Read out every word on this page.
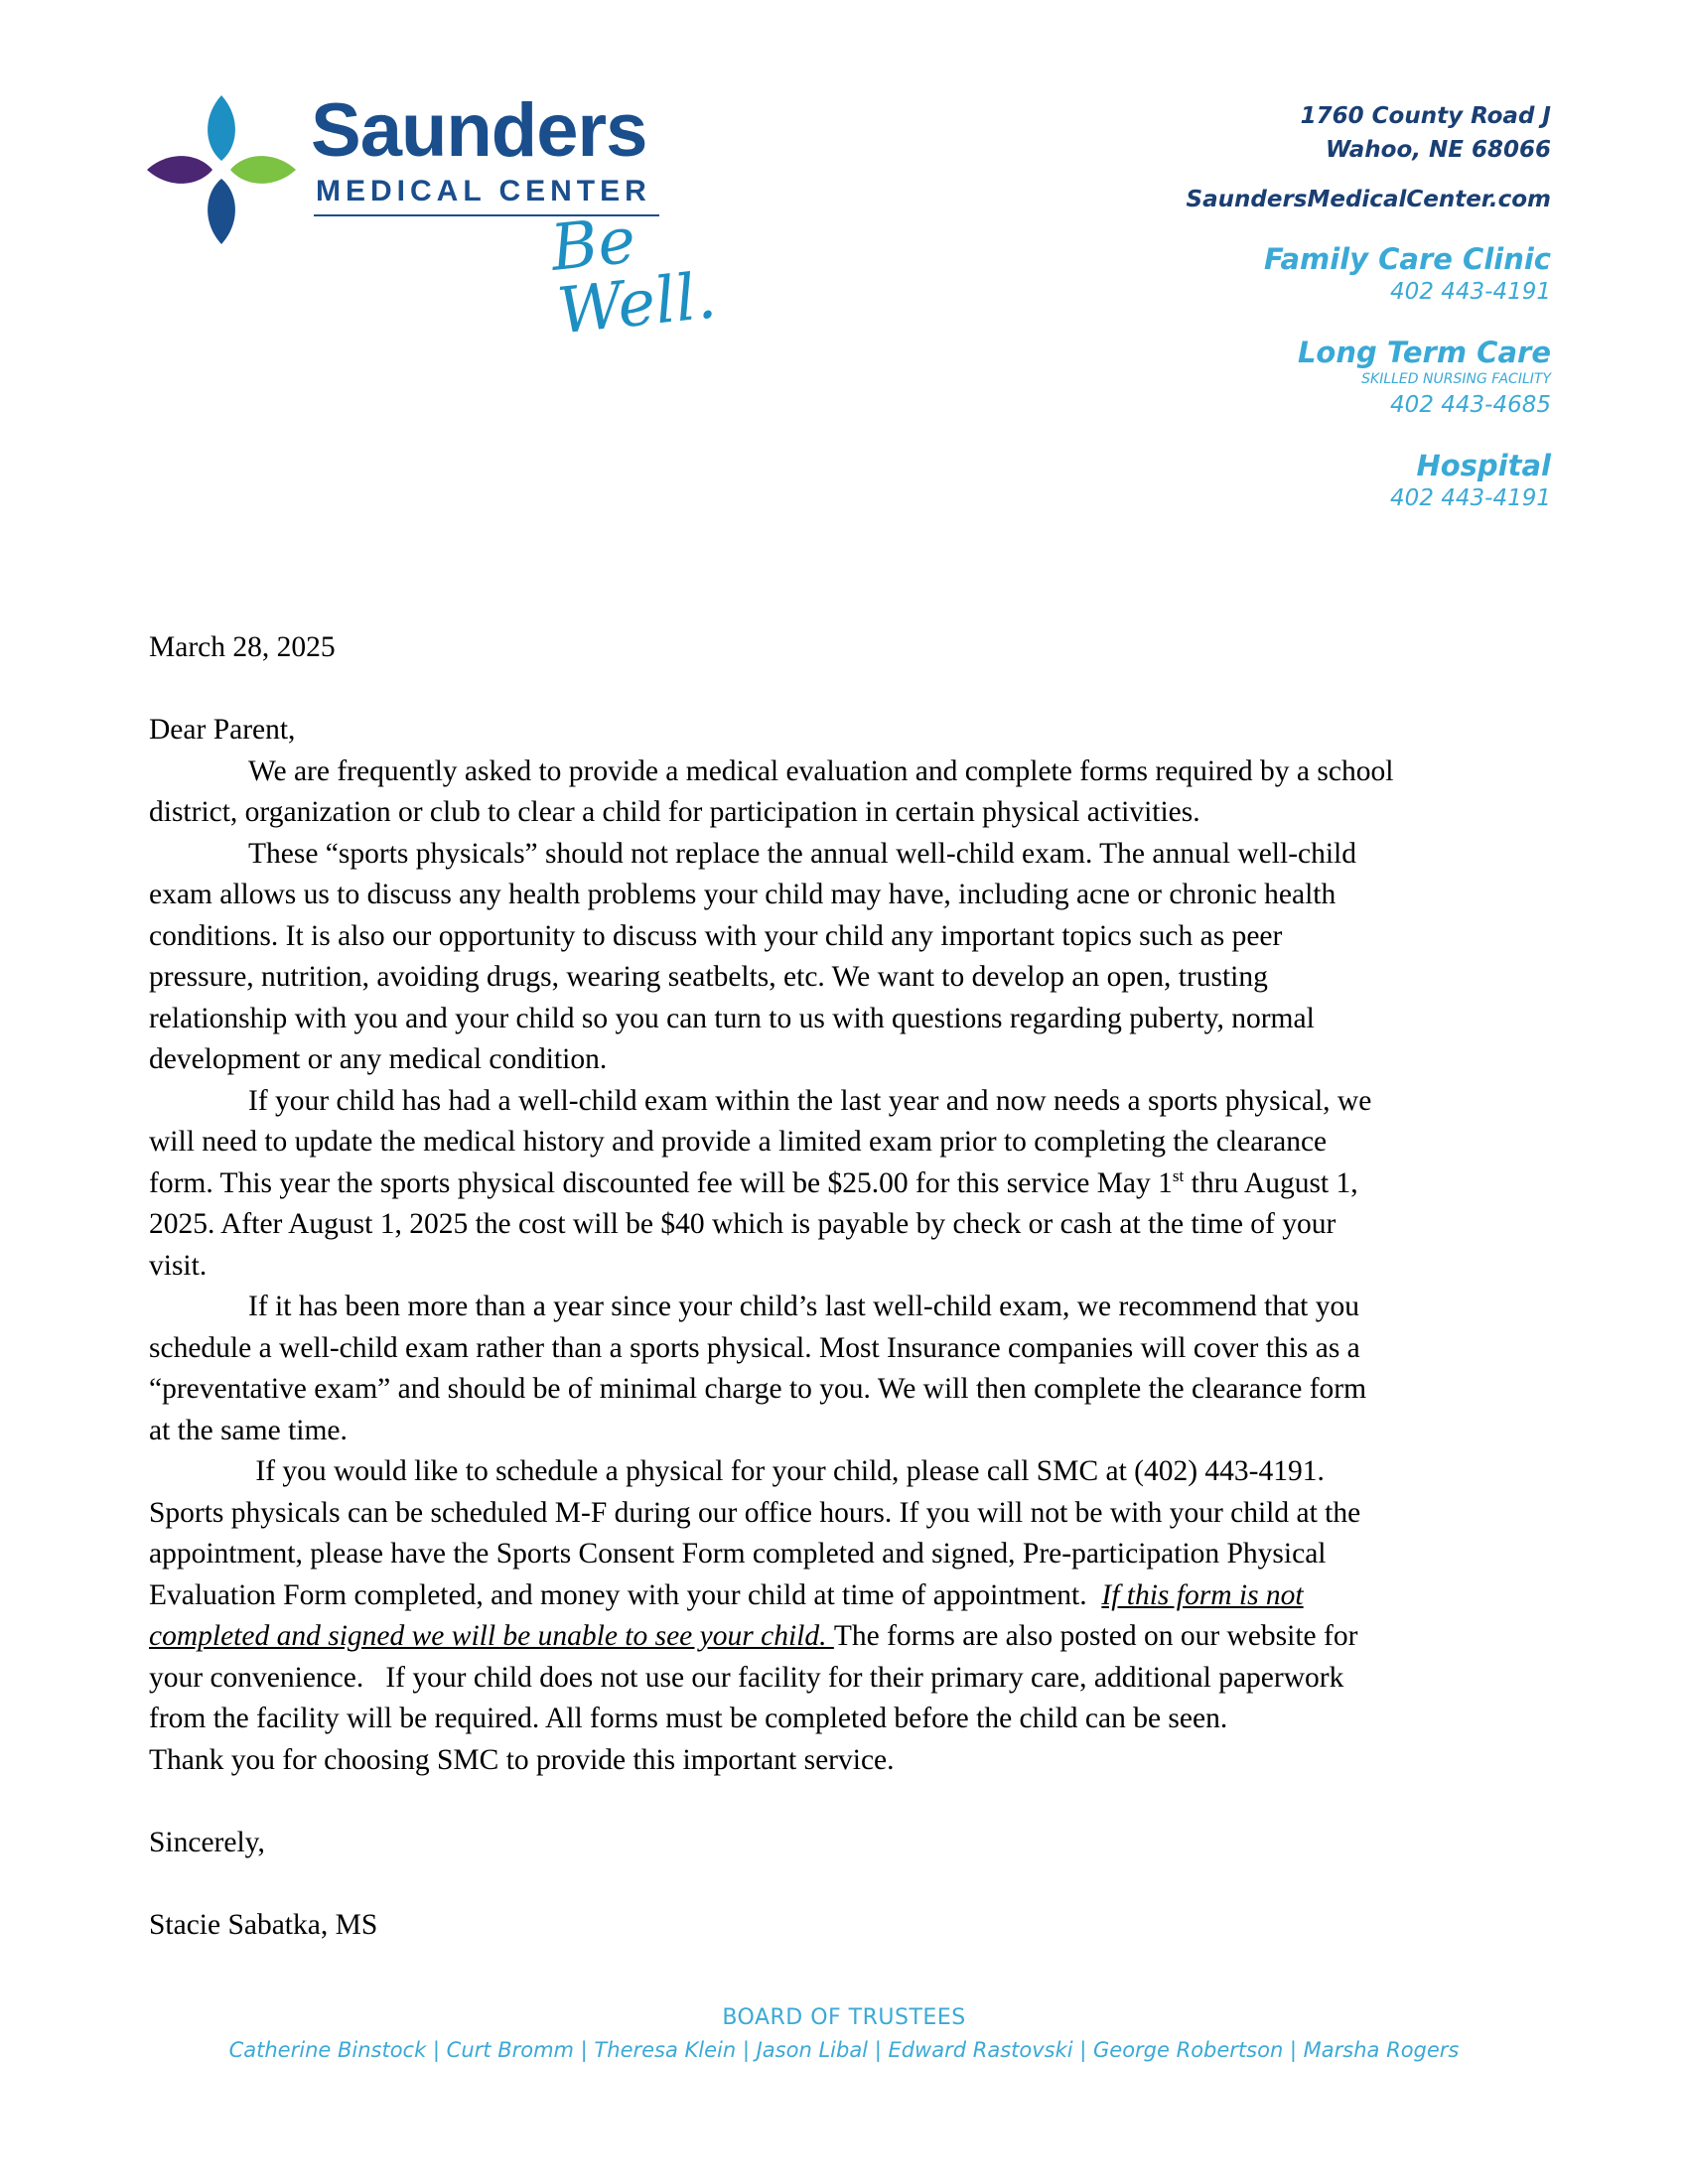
Saunders
MEDICAL CENTER
Be Well.
1760 County Road J
Wahoo, NE 68066
SaundersMedicalCenter.com
Family Care Clinic
402 443-4191
Long Term Care
SKILLED NURSING FACILITY
402 443-4685
Hospital
402 443-4191
March 28, 2025
Dear Parent,
We are frequently asked to provide a medical evaluation and complete forms required by a school
district, organization or club to clear a child for participation in certain physical activities.
These “sports physicals” should not replace the annual well-child exam. The annual well-child
exam allows us to discuss any health problems your child may have, including acne or chronic health
conditions. It is also our opportunity to discuss with your child any important topics such as peer
pressure, nutrition, avoiding drugs, wearing seatbelts, etc. We want to develop an open, trusting
relationship with you and your child so you can turn to us with questions regarding puberty, normal
development or any medical condition.
If your child has had a well-child exam within the last year and now needs a sports physical, we
will need to update the medical history and provide a limited exam prior to completing the clearance
form. This year the sports physical discounted fee will be $25.00 for this service May 1st thru August 1,
2025. After August 1, 2025 the cost will be $40 which is payable by check or cash at the time of your
visit.
If it has been more than a year since your child’s last well-child exam, we recommend that you
schedule a well-child exam rather than a sports physical. Most Insurance companies will cover this as a
“preventative exam” and should be of minimal charge to you. We will then complete the clearance form
at the same time.
If you would like to schedule a physical for your child, please call SMC at (402) 443-4191.
Sports physicals can be scheduled M-F during our office hours. If you will not be with your child at the
appointment, please have the Sports Consent Form completed and signed, Pre-participation Physical
Evaluation Form completed, and money with your child at time of appointment.  If this form is not
completed and signed we will be unable to see your child. The forms are also posted on our website for
your convenience.   If your child does not use our facility for their primary care, additional paperwork
from the facility will be required. All forms must be completed before the child can be seen.
Thank you for choosing SMC to provide this important service.
Sincerely,
Stacie Sabatka, MS
BOARD OF TRUSTEES
Catherine Binstock | Curt Bromm | Theresa Klein | Jason Libal | Edward Rastovski | George Robertson | Marsha Rogers
